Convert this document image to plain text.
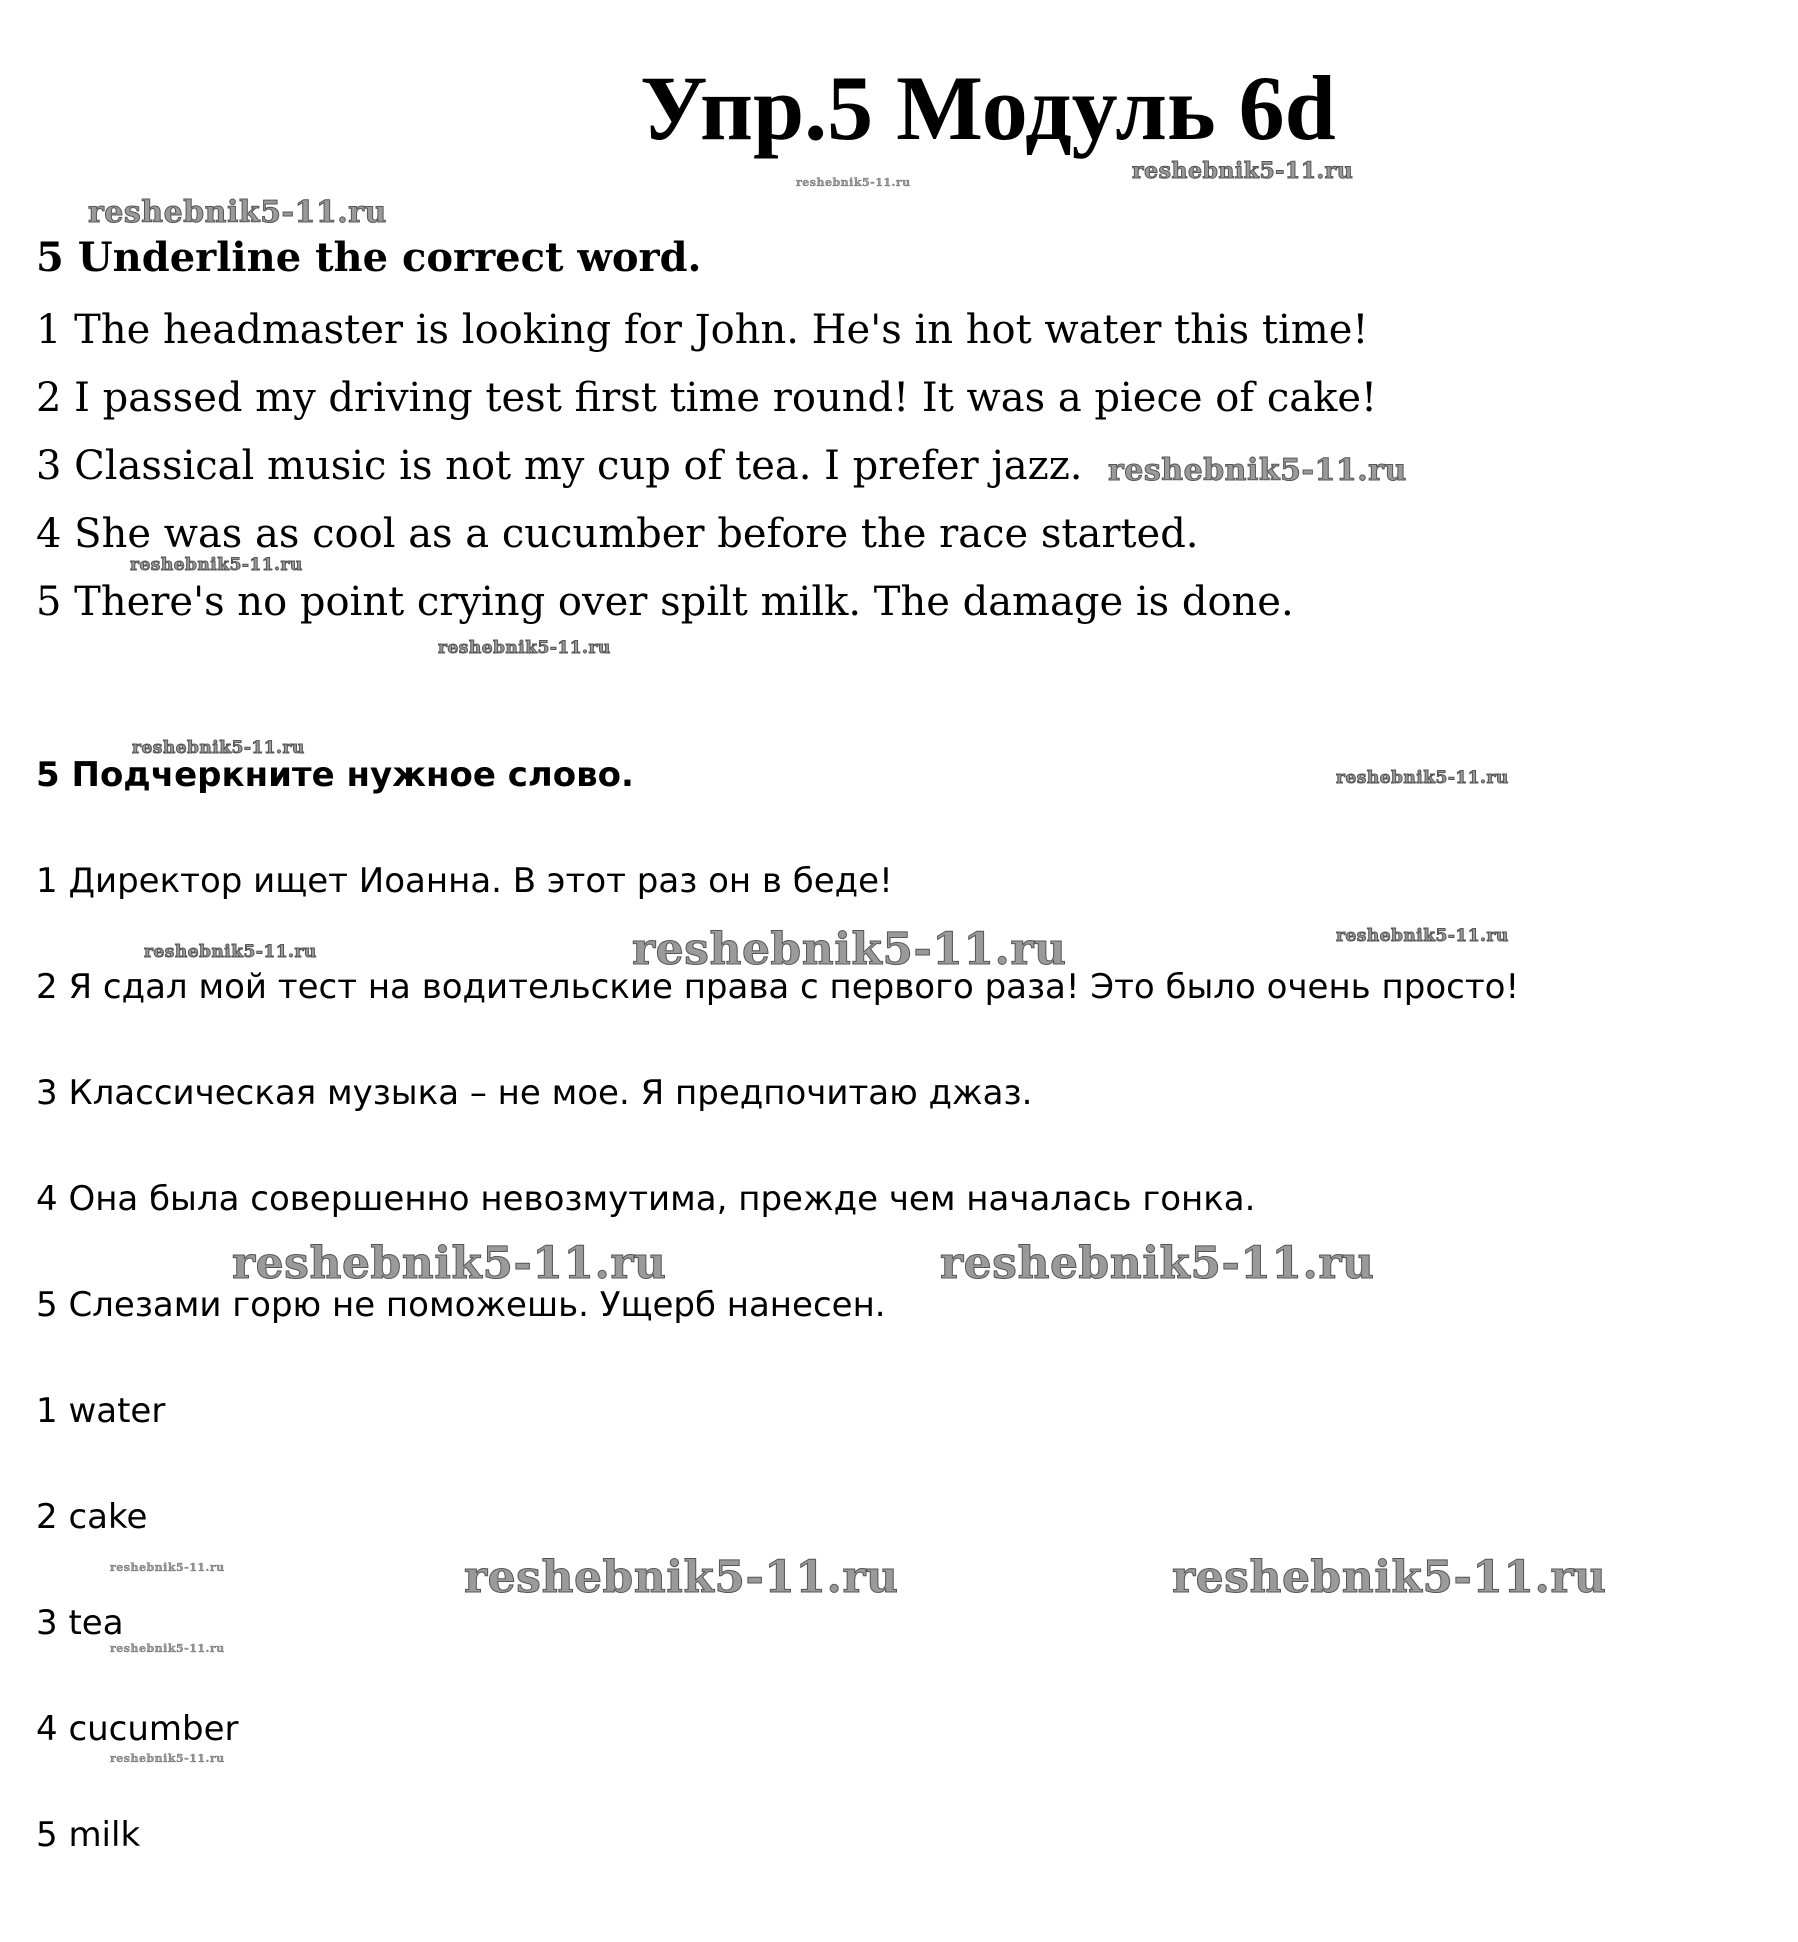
Упр.5 Модуль 6d

5 Underline the correct word.

1 The headmaster is looking for John. He's in hot water this time!

2 I passed my driving test first time round! It was a piece of cake!

3 Classical music is not my cup of tea. I prefer jazz.

4 She was as cool as a cucumber before the race started.

5 There's no point crying over spilt milk. The damage is done.

5 Подчеркните нужное слово.

1 Директор ищет Иоанна. В этот раз он в беде!

2 Я сдал мой тест на водительские права с первого раза! Это было очень просто!

3 Классическая музыка – не мое. Я предпочитаю джаз.

4 Она была совершенно невозмутима, прежде чем началась гонка.

5 Слезами горю не поможешь. Ущерб нанесен.

1 water

2 cake

3 tea

4 cucumber

5 milk

reshebnik5-11.ru
reshebnik5-11.ru
reshebnik5-11.ru
reshebnik5-11.ru
reshebnik5-11.ru
reshebnik5-11.ru
reshebnik5-11.ru
reshebnik5-11.ru
reshebnik5-11.ru
reshebnik5-11.ru	reshebnik5-11.ru
reshebnik5-11.ru	reshebnik5-11.ru
reshebnik5-11.ru	reshebnik5-11.ru
reshebnik5-11.ru
reshebnik5-11.ru
reshebnik5-11.ru
